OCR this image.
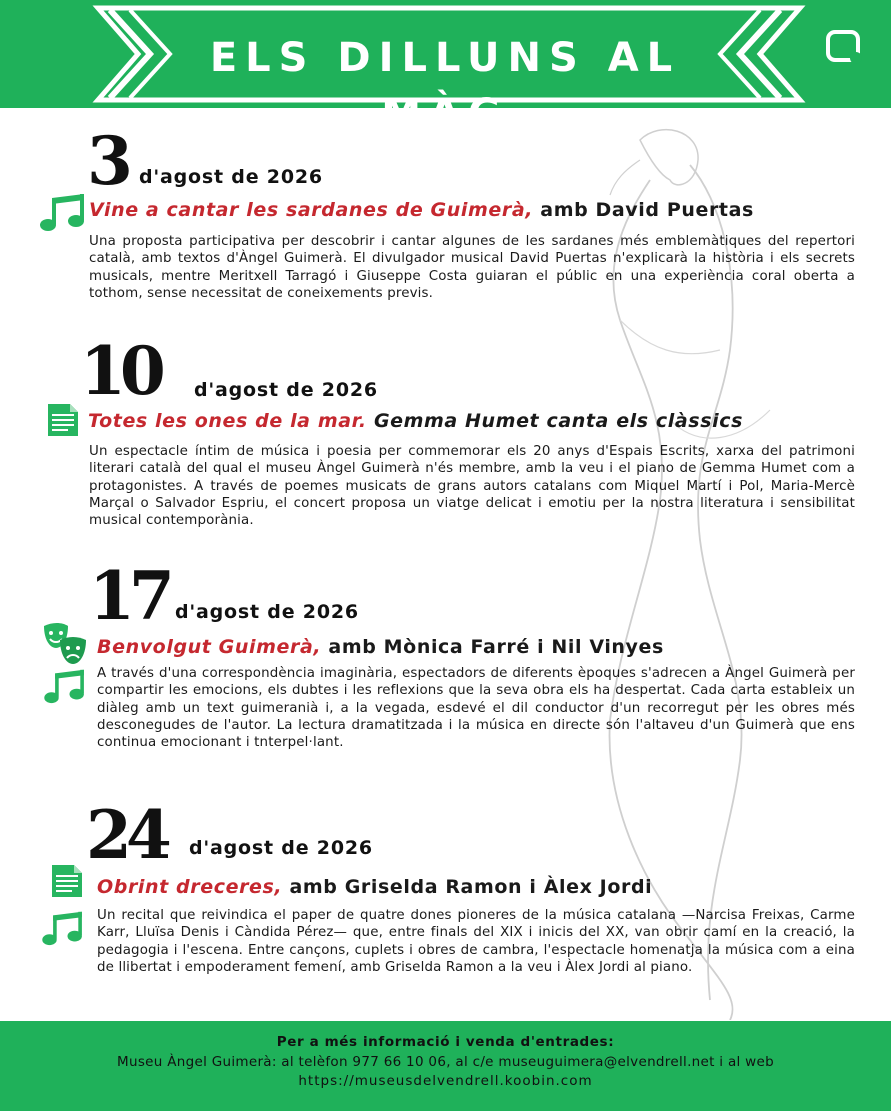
ELS DILLUNS AL MÀG
3 d'agost de 2026
Vine a cantar les sardanes de Guimerà, amb David Puertas
Una proposta participativa per descobrir i cantar algunes de les sardanes més emblemàtiques del repertori català, amb textos d'Àngel Guimerà. El divulgador musical David Puertas n'explicarà la història i els secrets musicals, mentre Meritxell Tarragó i Giuseppe Costa guiaran el públic en una experiència coral oberta a tothom, sense necessitat de coneixements previs.
10 d'agost de 2026
Totes les ones de la mar. Gemma Humet canta els clàssics
Un espectacle íntim de música i poesia per commemorar els 20 anys d'Espais Escrits, xarxa del patrimoni literari català del qual el museu Àngel Guimerà n'és membre, amb la veu i el piano de Gemma Humet com a protagonistes. A través de poemes musicats de grans autors catalans com Miquel Martí i Pol, Maria-Mercè Marçal o Salvador Espriu, el concert proposa un viatge delicat i emotiu per la nostra literatura i sensibilitat musical contemporània.
17 d'agost de 2026
Benvolgut Guimerà, amb Mònica Farré i Nil Vinyes
A través d'una correspondència imaginària, espectadors de diferents èpoques s'adrecen a Àngel Guimerà per compartir les emocions, els dubtes i les reflexions que la seva obra els ha despertat. Cada carta estableix un diàleg amb un text guimeranià i, a la vegada, esdevé el dil conductor d'un recorregut per les obres més desconegudes de l'autor. La lectura dramatitzada i la música en directe són l'altaveu d'un Guimerà que ens continua emocionant i tnterpel·lant.
24 d'agost de 2026
Obrint dreceres, amb Griselda Ramon i Àlex Jordi
Un recital que reivindica el paper de quatre dones pioneres de la música catalana —Narcisa Freixas, Carme Karr, Lluïsa Denis i Càndida Pérez— que, entre finals del XIX i inicis del XX, van obrir camí en la creació, la pedagogia i l'escena. Entre cançons, cuplets i obres de cambra, l'espectacle homenatja la música com a eina de llibertat i empoderament femení, amb Griselda Ramon a la veu i Àlex Jordi al piano.
Per a més informació i venda d'entrades:
Museu Àngel Guimerà: al telèfon 977 66 10 06, al c/e museuguimera@elvendrell.net i al web
https://museusdelvendrell.koobin.com
